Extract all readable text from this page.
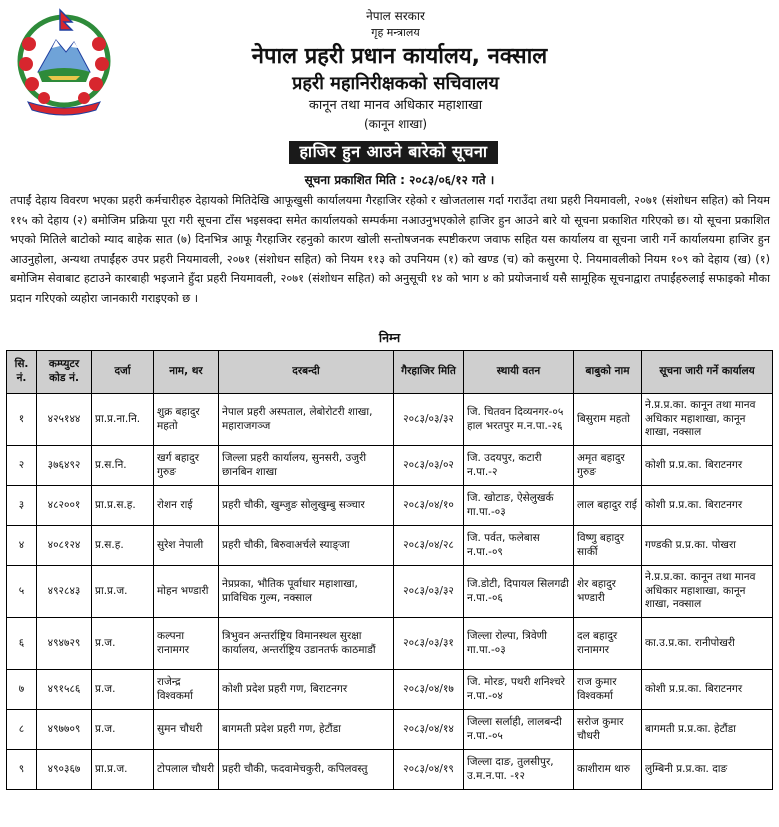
नेपाल सरकार
गृह मन्त्रालय
नेपाल प्रहरी प्रधान कार्यालय, नक्साल
प्रहरी महानिरीक्षकको सचिवालय
कानून तथा मानव अधिकार महाशाखा
(कानून शाखा)
हाजिर हुन आउने बारेको सूचना
सूचना प्रकाशित मिति : २०८३/०६/१२ गते ।

तपाईं देहाय विवरण भएका प्रहरी कर्मचारीहरु देहायको मितिदेखि आफूखुसी कार्यालयमा गैरहाजिर रहेको र खोजतलास गर्दा गराउँदा तथा प्रहरी नियमावली, २०७१ (संशोधन सहित) को नियम ११५ को देहाय (२) बमोजिम प्रक्रिया पूरा गरी सूचना टाँस भइसक्दा समेत कार्यालयको सम्पर्कमा नआउनुभएकोले हाजिर हुन आउने बारे यो सूचना प्रकाशित गरिएको छ। यो सूचना प्रकाशित भएको मितिले बाटोको म्याद बाहेक सात (७) दिनभित्र आफू गैरहाजिर रहनुको कारण खोली सन्तोषजनक स्पष्टीकरण जवाफ सहित यस कार्यालय वा सूचना जारी गर्ने कार्यालयमा हाजिर हुन आउनुहोला, अन्यथा तपाईंहरु उपर प्रहरी नियमावली, २०७१ (संशोधन सहित) को नियम ११३ को उपनियम (१) को खण्ड (च) को कसुरमा ऐ. नियमावलीको नियम १०९ को देहाय (ख) (१) बमोजिम सेवाबाट हटाउने कारबाही भइजाने हुँदा प्रहरी नियमावली, २०७१ (संशोधन सहित) को अनुसूची १४ को भाग ४ को प्रयोजनार्थ यसै सामूहिक सूचनाद्वारा तपाईंहरुलाई सफाइको मौका प्रदान गरिएको व्यहोरा जानकारी गराइएको छ ।

निम्न
सि. नं.	कम्प्युटर कोड नं.	दर्जा	नाम, थर	दरबन्दी	गैरहाजिर मिति	स्थायी वतन	बाबुको नाम	सूचना जारी गर्ने कार्यालय
१	४२५१४४	प्रा.प्र.ना.नि.	शुक्र बहादुर महतो	नेपाल प्रहरी अस्पताल, लेबोरोटरी शाखा, महाराजगञ्ज	२०८३/०३/३२	जि. चितवन दिव्यनगर-०५ हाल भरतपुर म.न.पा.-२६	बिसुराम महतो	ने.प्र.प्र.का. कानून तथा मानव अधिकार महाशाखा, कानून शाखा, नक्साल
२	३७६४९२	प्र.स.नि.	खर्ग बहादुर गुरुङ	जिल्ला प्रहरी कार्यालय, सुनसरी, उजुरी छानबिन शाखा	२०८३/०३/०२	जि. उदयपुर, कटारी न.पा.-२	अमृत बहादुर गुरुङ	कोशी प्र.प्र.का. बिराटनगर
३	४८२००१	प्रा.प्र.स.ह.	रोशन राई	प्रहरी चौकी, खुम्जुङ सोलुखुम्बु सञ्चार	२०८३/०४/१०	जि. खोटाङ, ऐसेलुखर्क गा.पा.-०३	लाल बहादुर राई	कोशी प्र.प्र.का. बिराटनगर
४	४०८१२४	प्र.स.ह.	सुरेश नेपाली	प्रहरी चौकी, बिरुवाअर्चले स्याङ्जा	२०८३/०४/२८	जि. पर्वत, फलेबास न.पा.-०९	विष्णु बहादुर सार्की	गण्डकी प्र.प्र.का. पोखरा
५	४९२८४३	प्रा.प्र.ज.	मोहन भण्डारी	नेप्रप्रका, भौतिक पूर्वाधार महाशाखा, प्राविधिक गुल्म, नक्साल	२०८३/०३/३२	जि.डोटी, दिपायल सिलगढी न.पा.-०६	शेर बहादुर भण्डारी	ने.प्र.प्र.का. कानून तथा मानव अधिकार महाशाखा, कानून शाखा, नक्साल
६	४९४७२९	प्र.ज.	कल्पना रानामगर	त्रिभुवन अन्तर्राष्ट्रिय विमानस्थल सुरक्षा कार्यालय, अन्तर्राष्ट्रिय उडानतर्फ काठमाडौं	२०८३/०३/३१	जिल्ला रोल्पा, त्रिवेणी गा.पा.-०३	दल बहादुर रानामगर	का.उ.प्र.का. रानीपोखरी
७	४९१५८६	प्र.ज.	राजेन्द्र विश्वकर्मा	कोशी प्रदेश प्रहरी गण, बिराटनगर	२०८३/०४/१७	जि. मोरङ, पथरी शनिश्चरे न.पा.-०४	राज कुमार विश्वकर्मा	कोशी प्र.प्र.का. बिराटनगर
८	४९७७०९	प्र.ज.	सुमन चौधरी	बागमती प्रदेश प्रहरी गण, हेटौंडा	२०८३/०४/१४	जिल्ला सर्लाही, लालबन्दी न.पा.-०५	सरोज कुमार चौधरी	बागमती प्र.प्र.का. हेटौंडा
९	४९०३६७	प्रा.प्र.ज.	टोपलाल चौधरी	प्रहरी चौकी, फदवामेचकुरी, कपिलवस्तु	२०८३/०४/१९	जिल्ला दाङ, तुलसीपुर, उ.म.न.पा. -१२	काशीराम थारु	लुम्बिनी प्र.प्र.का. दाङ
